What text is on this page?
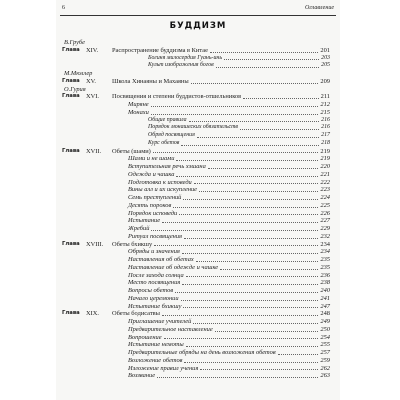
6	Оглавление
БУДДИЗМ
В.Грубе
Глава XIV. Распространение буддизма в Китае	201
Богиня милосердия Гуань-инь	203
Культ изображения богов	205
М.Мюллер
Глава XV. Школа Хинаяны и Махаяны	209
О.Гурия
Глава XVI. Посвящения и степени буддистов-отшельников	211
Миряне	212
Монахи	215
Общие правила	216
Порядок монашеских обязательств	216
Обряд посвящения	217
Курс обетов	218
Глава XVII. Обеты (шами)	219
Шами и не шами	219
Вступительная речь хэшана	220
Одежда и чашка	221
Подготовка к исповеди	222
Вины алл и их искупление	223
Семь преступлений	224
Десять пороков	225
Порядок исповеди	226
Испытание	227
Жребий	229
Ритуал посвящения	232
Глава XVIII. Обеты бхикшу	234
Обряды и значения	234
Наставления об обетах	235
Наставление об одежде и чашке	235
После захода солнца	236
Место посвящения	238
Вопросы обетов	240
Начало церемонии	241
Испытание бхикшу	247
Глава XIX. Обеты бодисатвы	248
Приглашение учителей	249
Предварительное наставление	250
Вопрошение	254
Испытание немоты	255
Предварительные обряды на день возложения обетов	257
Возложение обетов	259
Изложение правил учения	262
Воззвание	263
